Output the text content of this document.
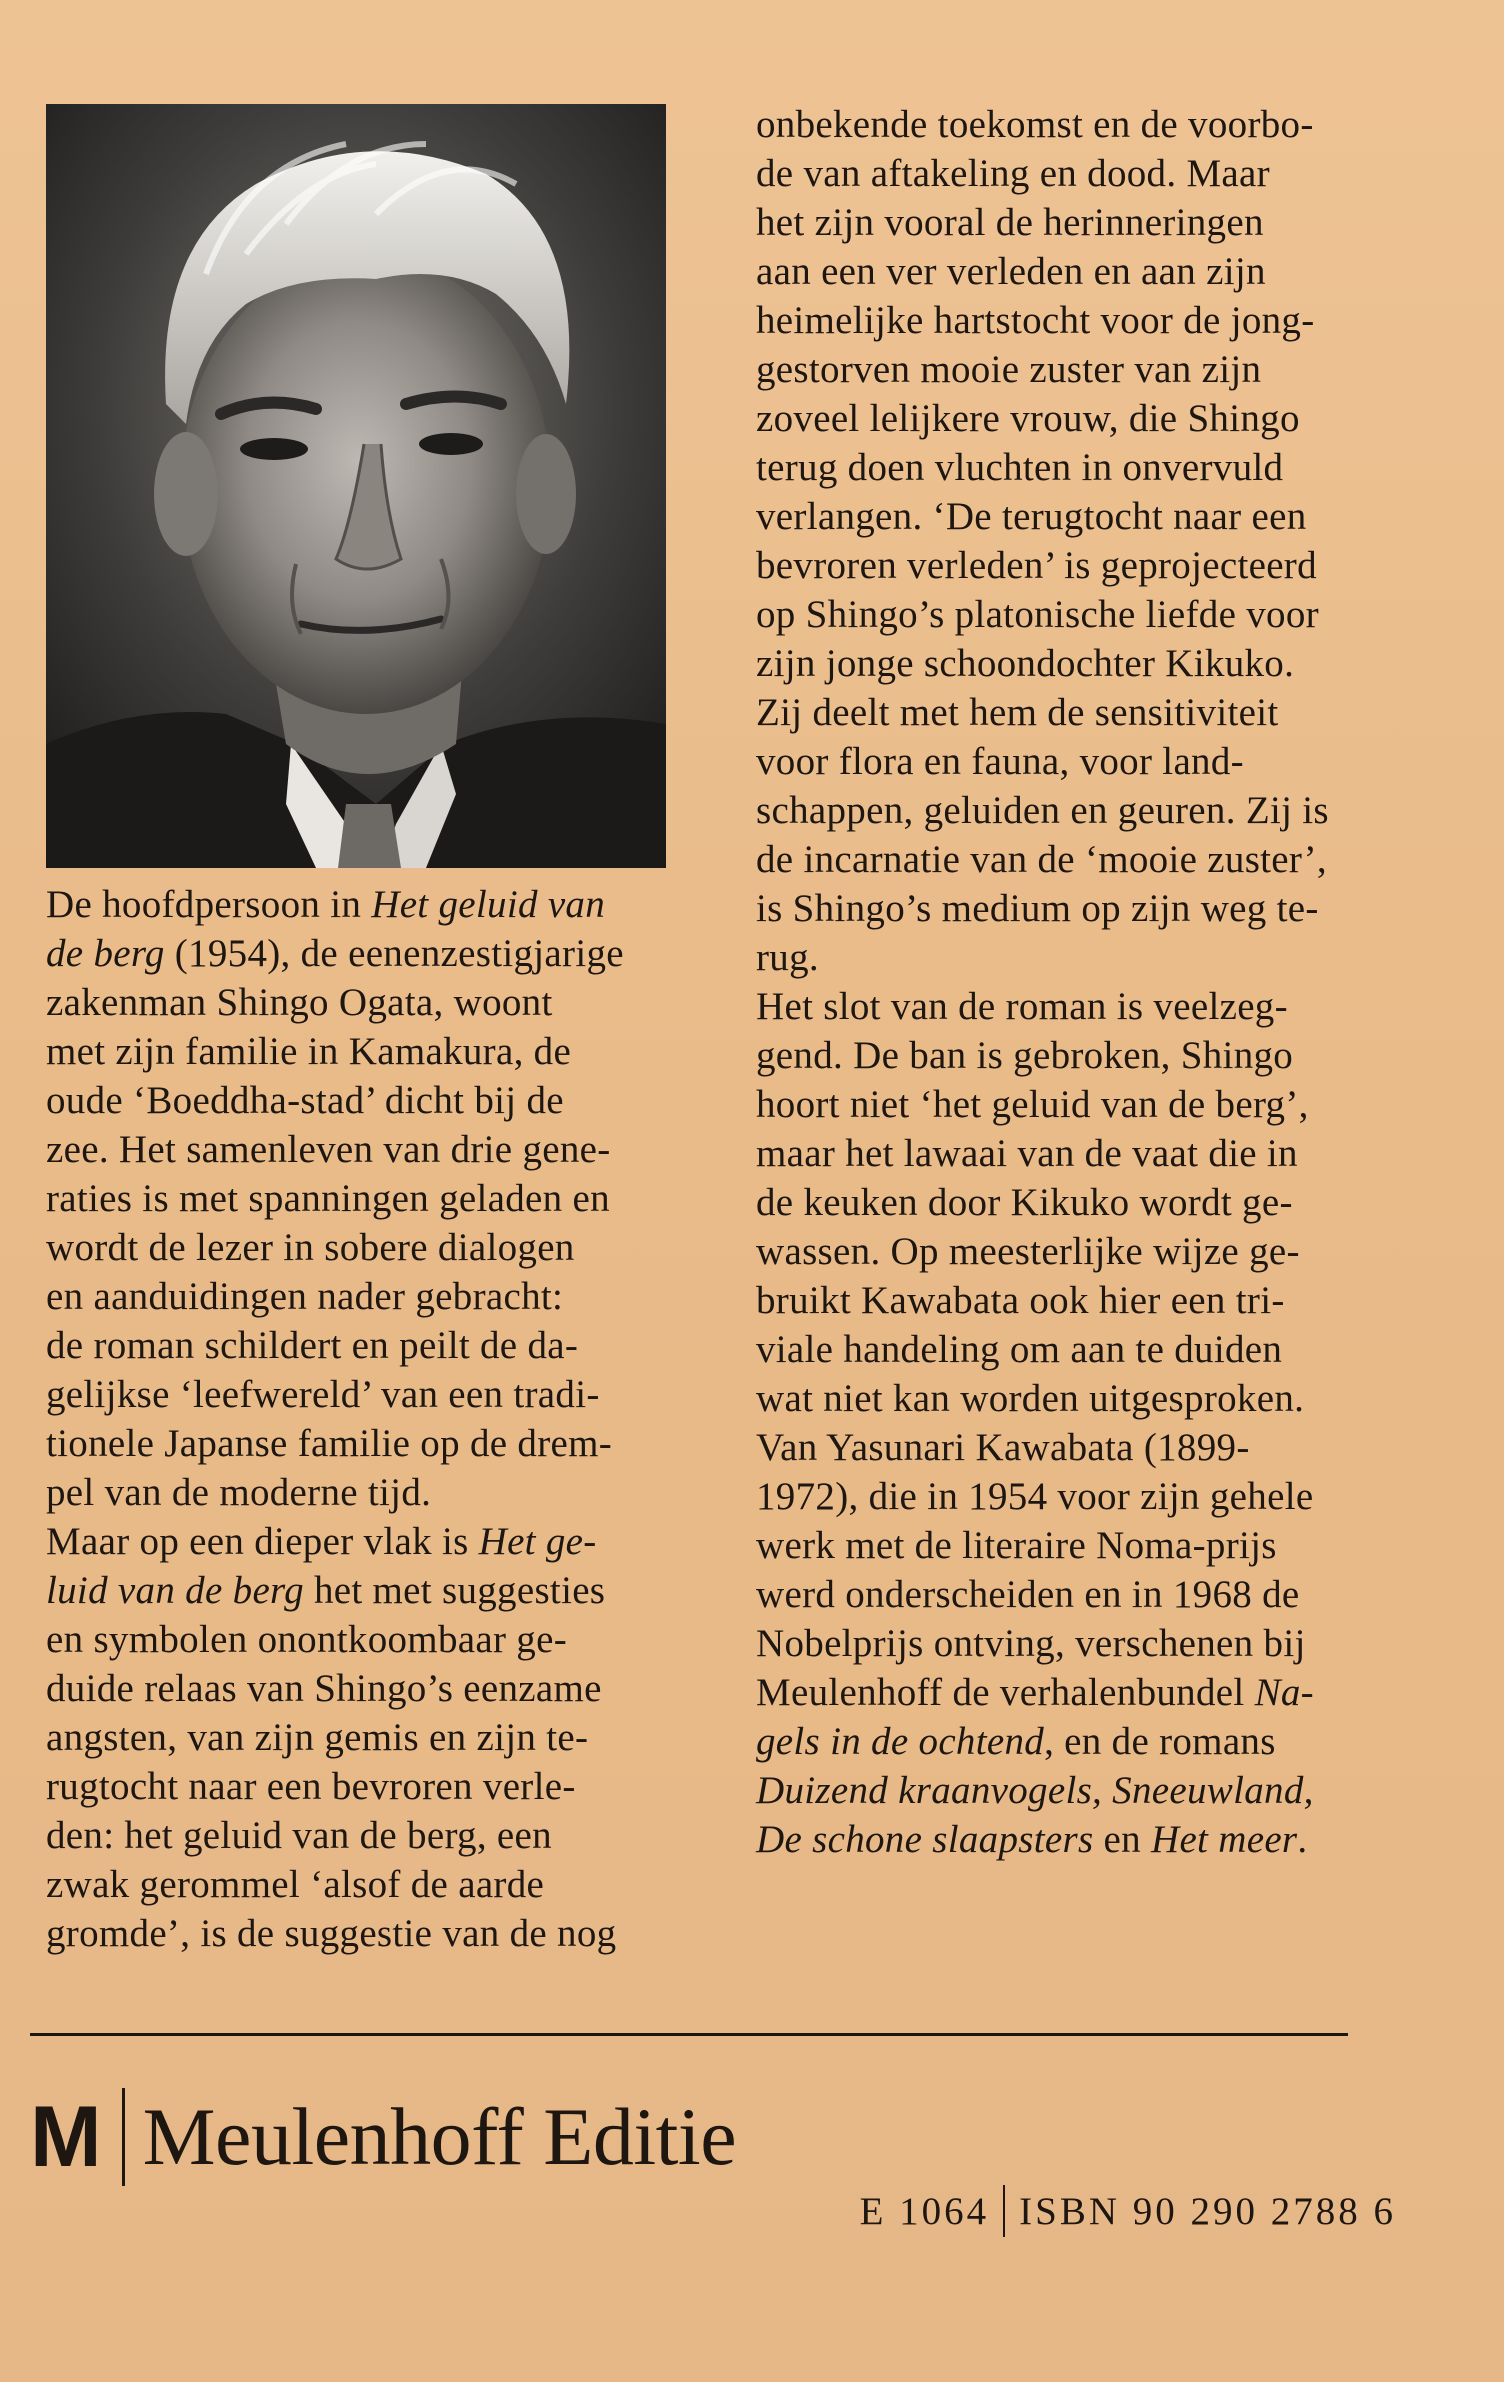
De hoofdpersoon in Het geluid van
de berg (1954), de eenenzestigjarige
zakenman Shingo Ogata, woont
met zijn familie in Kamakura, de
oude ‘Boeddha-stad’ dicht bij de
zee. Het samenleven van drie gene-
raties is met spanningen geladen en
wordt de lezer in sobere dialogen
en aanduidingen nader gebracht:
de roman schildert en peilt de da-
gelijkse ‘leefwereld’ van een tradi-
tionele Japanse familie op de drem-
pel van de moderne tijd.

Maar op een dieper vlak is Het ge-
luid van de berg het met suggesties
en symbolen onontkoombaar ge-
duide relaas van Shingo’s eenzame
angsten, van zijn gemis en zijn te-
rugtocht naar een bevroren verle-
den: het geluid van de berg, een
zwak gerommel ‘alsof de aarde
gromde’, is de suggestie van de nog

onbekende toekomst en de voorbo-
de van aftakeling en dood. Maar
het zijn vooral de herinneringen
aan een ver verleden en aan zijn
heimelijke hartstocht voor de jong-
gestorven mooie zuster van zijn
zoveel lelijkere vrouw, die Shingo
terug doen vluchten in onvervuld
verlangen. ‘De terugtocht naar een
bevroren verleden’ is geprojecteerd
op Shingo’s platonische liefde voor
zijn jonge schoondochter Kikuko.
Zij deelt met hem de sensitiviteit
voor flora en fauna, voor land-
schappen, geluiden en geuren. Zij is
de incarnatie van de ‘mooie zuster’,
is Shingo’s medium op zijn weg te-
rug.

Het slot van de roman is veelzeg-
gend. De ban is gebroken, Shingo
hoort niet ‘het geluid van de berg’,
maar het lawaai van de vaat die in
de keuken door Kikuko wordt ge-
wassen. Op meesterlijke wijze ge-
bruikt Kawabata ook hier een tri-
viale handeling om aan te duiden
wat niet kan worden uitgesproken.

Van Yasunari Kawabata (1899-
1972), die in 1954 voor zijn gehele
werk met de literaire Noma-prijs
werd onderscheiden en in 1968 de
Nobelprijs ontving, verschenen bij
Meulenhoff de verhalenbundel Na-
gels in de ochtend, en de romans
Duizend kraanvogels, Sneeuwland,
De schone slaapsters en Het meer.

M Meulenhoff Editie
E 1064 ISBN 90 290 2788 6
